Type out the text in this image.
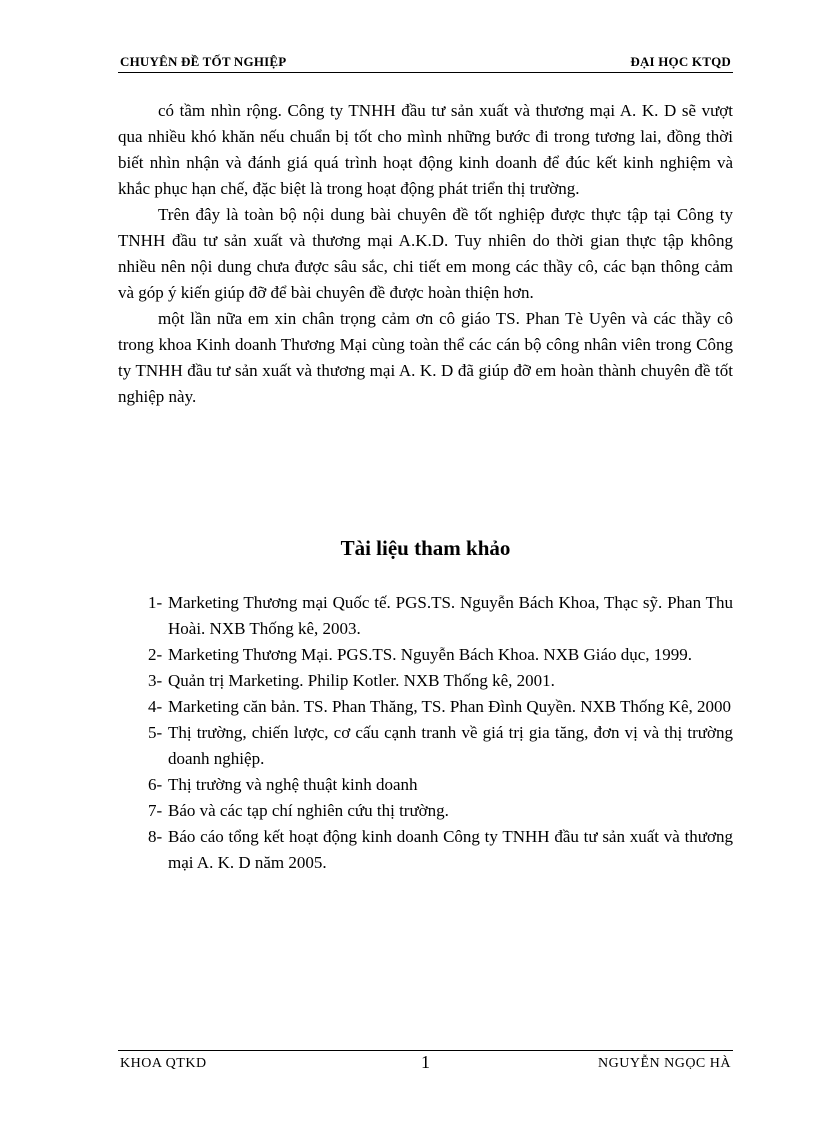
CHUYÊN ĐỀ TỐT NGHIỆP	ĐẠI HỌC KTQD

có tầm nhìn rộng. Công ty TNHH đầu tư sản xuất và thương mại A. K. D sẽ vượt qua nhiều khó khăn nếu chuẩn bị tốt cho mình những bước đi trong tương lai, đồng thời biết nhìn nhận và đánh giá quá trình hoạt động kinh doanh để đúc kết kinh nghiệm và khắc phục hạn chế, đặc biệt là trong hoạt động phát triển thị trường.

Trên đây là toàn bộ nội dung bài chuyên đề tốt nghiệp được thực tập tại Công ty TNHH đầu tư sản xuất và thương mại A.K.D. Tuy nhiên do thời gian thực tập không nhiều nên nội dung chưa được sâu sắc, chi tiết em mong các thầy cô, các bạn thông cảm và góp ý kiến giúp đỡ để bài chuyên đề được hoàn thiện hơn.

một lần nữa em xin chân trọng cảm ơn cô giáo TS. Phan Tè Uyên và các thầy cô trong khoa Kinh doanh Thương Mại cùng toàn thể các cán bộ công nhân viên trong Công ty TNHH đầu tư sản xuất và thương mại A. K. D đã giúp đỡ em hoàn thành chuyên đề tốt nghiệp này.

Tài liệu tham khảo
1- Marketing Thương mại Quốc tế. PGS.TS. Nguyễn Bách Khoa, Thạc sỹ. Phan Thu Hoài. NXB Thống kê, 2003.
2- Marketing Thương Mại. PGS.TS. Nguyễn Bách Khoa. NXB Giáo dục, 1999.
3- Quản trị Marketing. Philip Kotler. NXB Thống kê, 2001.
4- Marketing căn bản. TS. Phan Thăng, TS. Phan Đình Quyền. NXB Thống Kê, 2000
5- Thị trường, chiến lược, cơ cấu cạnh tranh về giá trị gia tăng, đơn vị và thị trường doanh nghiệp.
6- Thị trường và nghệ thuật kinh doanh
7- Báo và các tạp chí nghiên cứu thị trường.
8- Báo cáo tổng kết hoạt động kinh doanh Công ty TNHH đầu tư sản xuất và thương mại A. K. D năm 2005.
KHOA QTKD	1	NGUYỄN NGỌC HÀ
